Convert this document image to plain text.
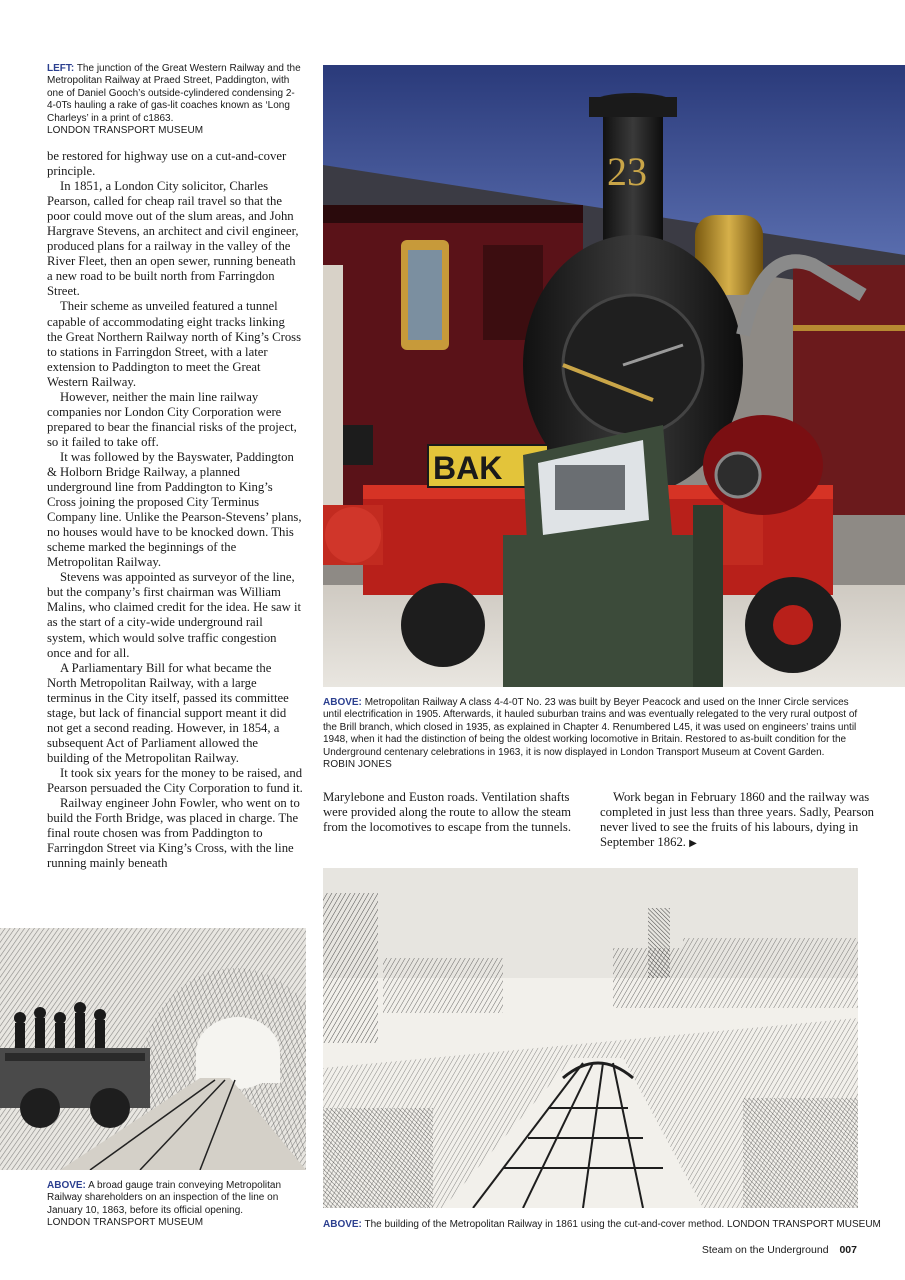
LEFT: The junction of the Great Western Railway and the Metropolitan Railway at Praed Street, Paddington, with one of Daniel Gooch’s outside-cylindered condensing 2-4-0Ts hauling a rake of gas-lit coaches known as ‘Long Charleys’ in a print of c1863.
LONDON TRANSPORT MUSEUM

be restored for highway use on a cut-and-cover principle.

In 1851, a London City solicitor, Charles Pearson, called for cheap rail travel so that the poor could move out of the slum areas, and John Hargrave Stevens, an architect and civil engineer, produced plans for a railway in the valley of the River Fleet, then an open sewer, running beneath a new road to be built north from Farringdon Street.

Their scheme as unveiled featured a tunnel capable of accommodating eight tracks linking the Great Northern Railway north of King’s Cross to stations in Farringdon Street, with a later extension to Paddington to meet the Great Western Railway.

However, neither the main line railway companies nor London City Corporation were prepared to bear the financial risks of the project, so it failed to take off.

It was followed by the Bayswater, Paddington & Holborn Bridge Railway, a planned underground line from Paddington to King’s Cross joining the proposed City Terminus Company line. Unlike the Pearson-Stevens’ plans, no houses would have to be knocked down. This scheme marked the beginnings of the Metropolitan Railway.

Stevens was appointed as surveyor of the line, but the company’s first chairman was William Malins, who claimed credit for the idea. He saw it as the start of a city-wide underground rail system, which would solve traffic congestion once and for all.

A Parliamentary Bill for what became the North Metropolitan Railway, with a large terminus in the City itself, passed its committee stage, but lack of financial support meant it did not get a second reading. However, in 1854, a subsequent Act of Parliament allowed the building of the Metropolitan Railway.

It took six years for the money to be raised, and Pearson persuaded the City Corporation to fund it.

Railway engineer John Fowler, who went on to build the Forth Bridge, was placed in charge. The final route chosen was from Paddington to Farringdon Street via King’s Cross, with the line running mainly beneath

23
BAK
ABOVE: Metropolitan Railway A class 4-4-0T No. 23 was built by Beyer Peacock and used on the Inner Circle services until electrification in 1905. Afterwards, it hauled suburban trains and was eventually relegated to the very rural outpost of the Brill branch, which closed in 1935, as explained in Chapter 4. Renumbered L45, it was used on engineers’ trains until 1948, when it had the distinction of being the oldest working locomotive in Britain. Restored to as-built condition for the Underground centenary celebrations in 1963, it is now displayed in London Transport Museum at Covent Garden.
ROBIN JONES

Marylebone and Euston roads. Ventilation shafts were provided along the route to allow the steam from the locomotives to escape from the tunnels.

Work began in February 1860 and the railway was completed in just less than three years. Sadly, Pearson never lived to see the fruits of his labours, dying in September 1862. ▶

ABOVE: A broad gauge train conveying Metropolitan Railway shareholders on an inspection of the line on January 10, 1863, before its official opening.
LONDON TRANSPORT MUSEUM	ABOVE: The building of the Metropolitan Railway in 1861 using the cut-and-cover method. LONDON TRANSPORT MUSEUM
Steam on the Underground 007
